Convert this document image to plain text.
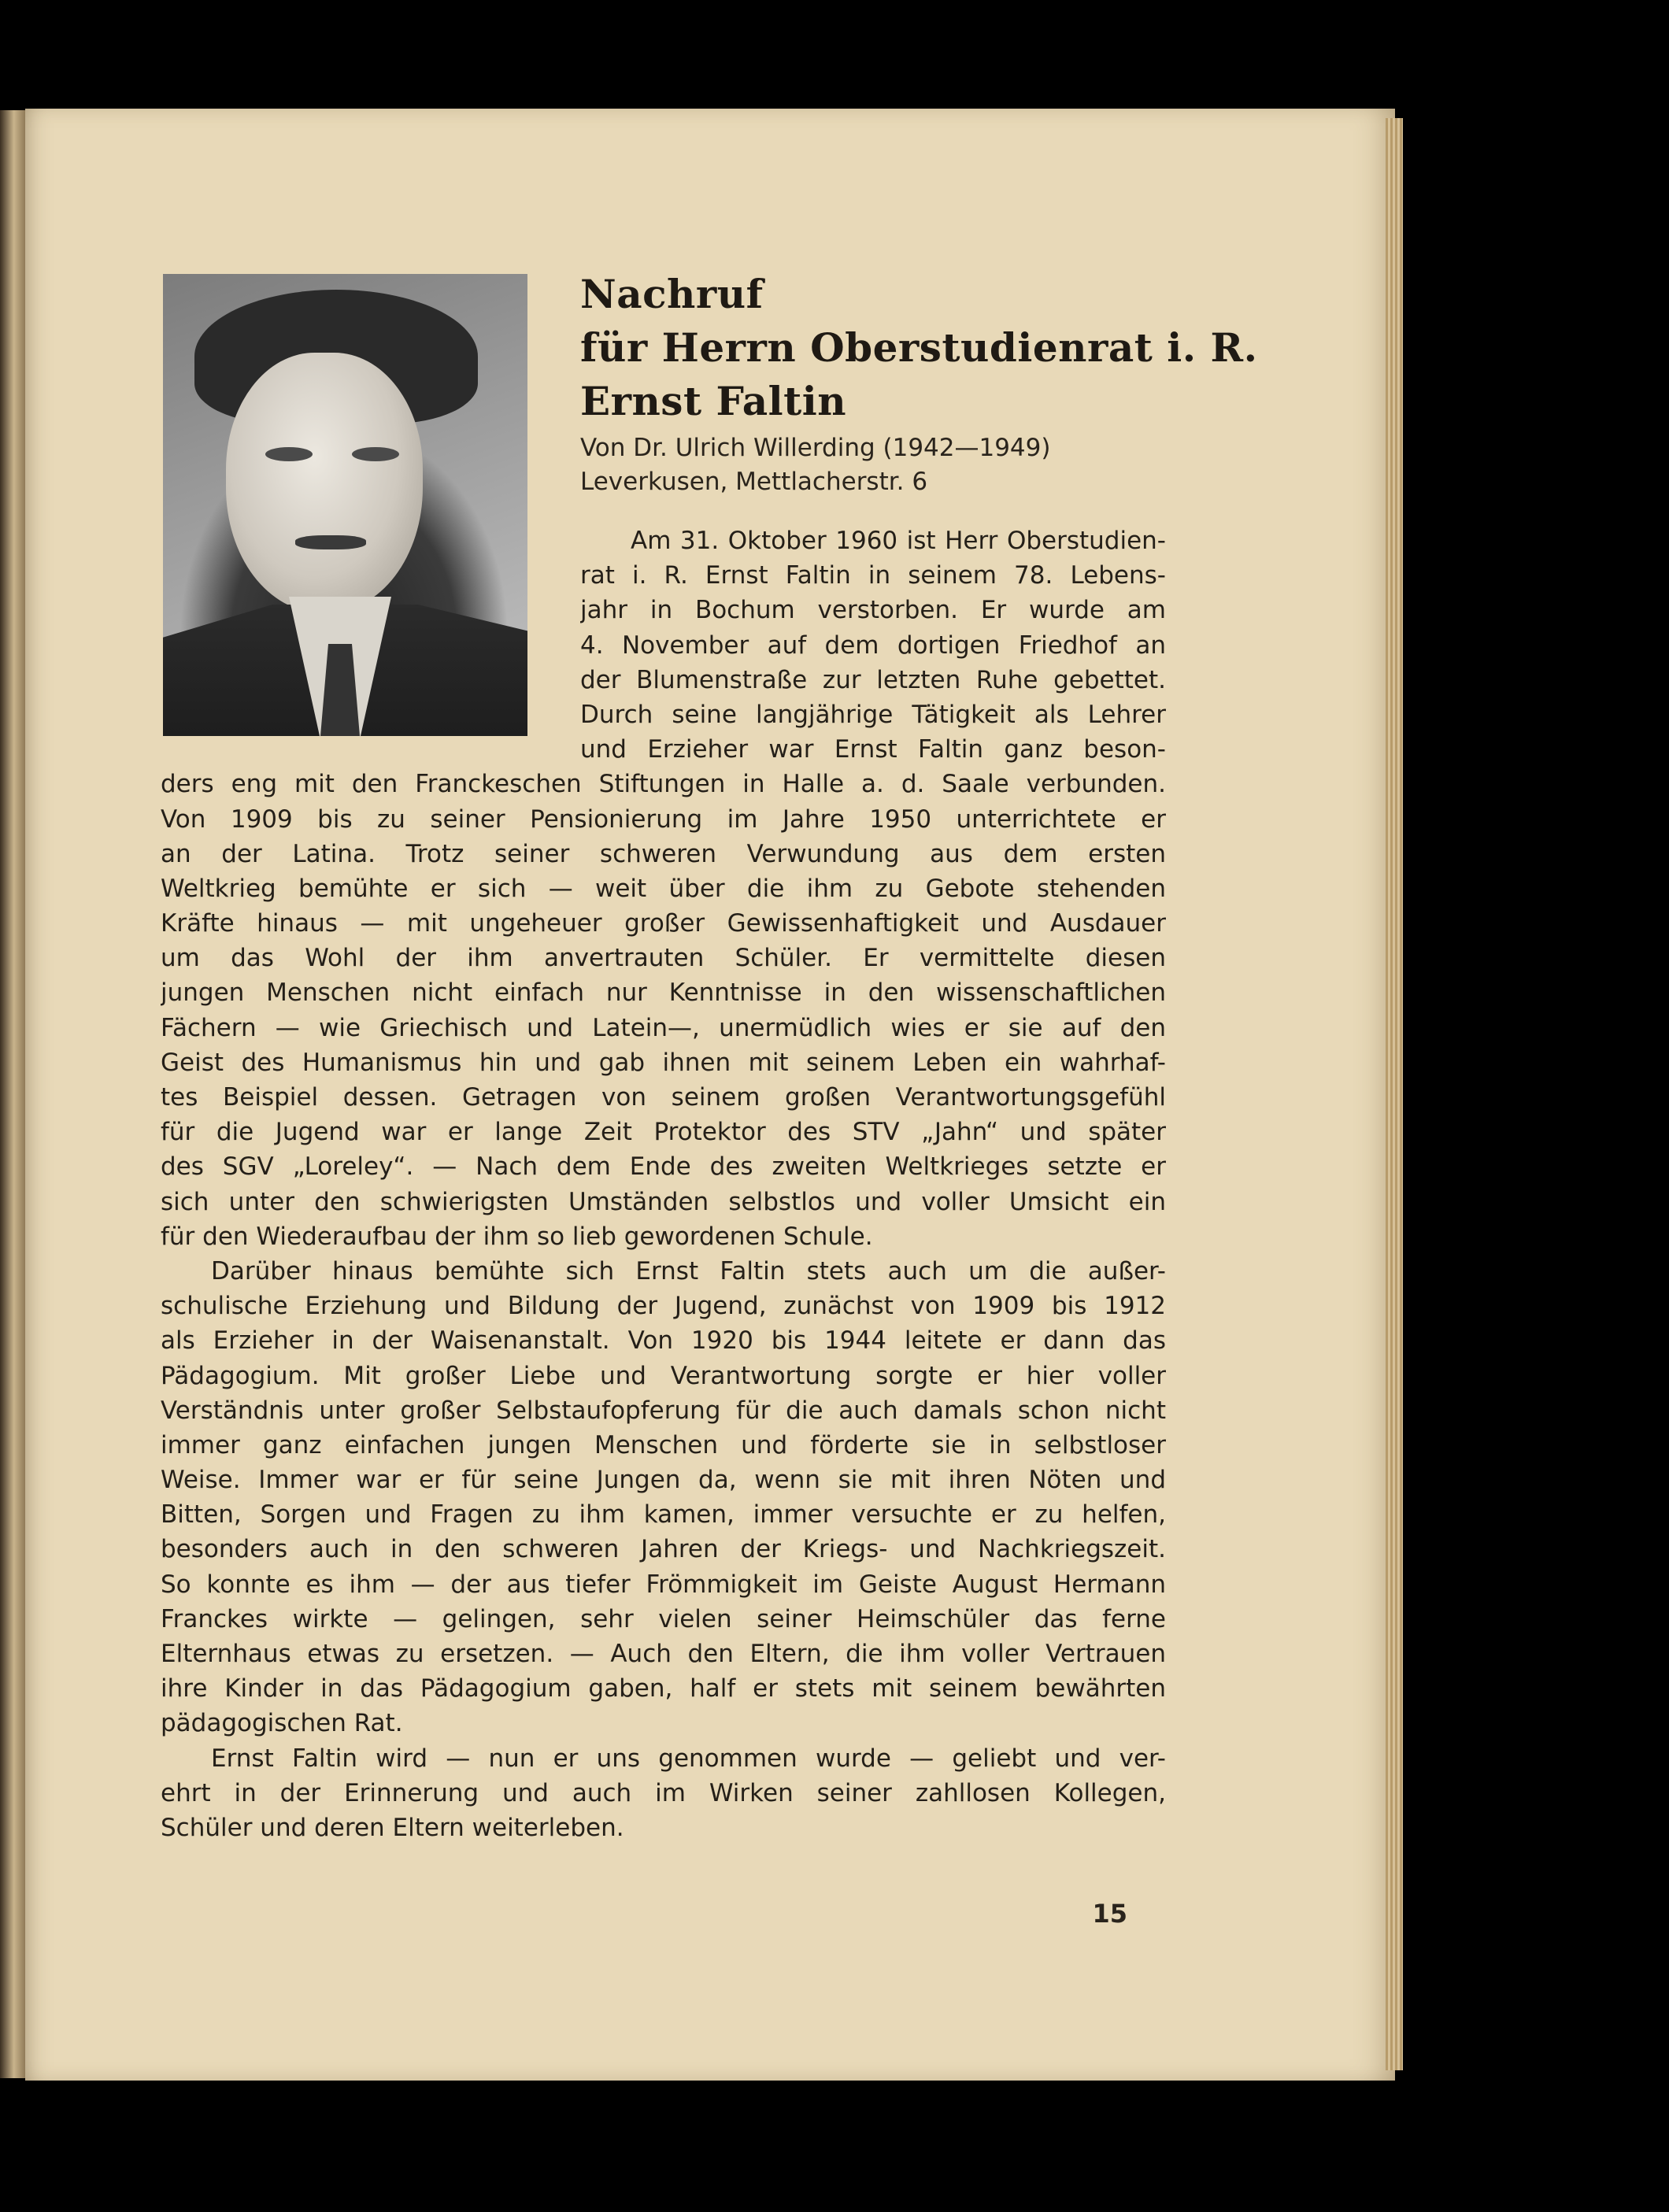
Nachruf
für Herrn Oberstudienrat i. R.
Ernst Faltin
Von Dr. Ulrich Willerding (1942—1949)
Leverkusen, Mettlacherstr. 6
Am 31. Oktober 1960 ist Herr Oberstudien-
rat i. R. Ernst Faltin in seinem 78. Lebens-
jahr in Bochum verstorben. Er wurde am
4. November auf dem dortigen Friedhof an
der Blumenstraße zur letzten Ruhe gebettet.
Durch seine langjährige Tätigkeit als Lehrer
und Erzieher war Ernst Faltin ganz beson-
ders eng mit den Franckeschen Stiftungen in Halle a. d. Saale verbunden.
Von 1909 bis zu seiner Pensionierung im Jahre 1950 unterrichtete er
an der Latina. Trotz seiner schweren Verwundung aus dem ersten
Weltkrieg bemühte er sich — weit über die ihm zu Gebote stehenden
Kräfte hinaus — mit ungeheuer großer Gewissenhaftigkeit und Ausdauer
um das Wohl der ihm anvertrauten Schüler. Er vermittelte diesen
jungen Menschen nicht einfach nur Kenntnisse in den wissenschaftlichen
Fächern — wie Griechisch und Latein—, unermüdlich wies er sie auf den
Geist des Humanismus hin und gab ihnen mit seinem Leben ein wahrhaf-
tes Beispiel dessen. Getragen von seinem großen Verantwortungsgefühl
für die Jugend war er lange Zeit Protektor des STV „Jahn“ und später
des SGV „Loreley“. — Nach dem Ende des zweiten Weltkrieges setzte er
sich unter den schwierigsten Umständen selbstlos und voller Umsicht ein
für den Wiederaufbau der ihm so lieb gewordenen Schule.
Darüber hinaus bemühte sich Ernst Faltin stets auch um die außer-
schulische Erziehung und Bildung der Jugend, zunächst von 1909 bis 1912
als Erzieher in der Waisenanstalt. Von 1920 bis 1944 leitete er dann das
Pädagogium. Mit großer Liebe und Verantwortung sorgte er hier voller
Verständnis unter großer Selbstaufopferung für die auch damals schon nicht
immer ganz einfachen jungen Menschen und förderte sie in selbstloser
Weise. Immer war er für seine Jungen da, wenn sie mit ihren Nöten und
Bitten, Sorgen und Fragen zu ihm kamen, immer versuchte er zu helfen,
besonders auch in den schweren Jahren der Kriegs- und Nachkriegszeit.
So konnte es ihm — der aus tiefer Frömmigkeit im Geiste August Hermann
Franckes wirkte — gelingen, sehr vielen seiner Heimschüler das ferne
Elternhaus etwas zu ersetzen. — Auch den Eltern, die ihm voller Vertrauen
ihre Kinder in das Pädagogium gaben, half er stets mit seinem bewährten
pädagogischen Rat.
Ernst Faltin wird — nun er uns genommen wurde — geliebt und ver-
ehrt in der Erinnerung und auch im Wirken seiner zahllosen Kollegen,
Schüler und deren Eltern weiterleben.
15
